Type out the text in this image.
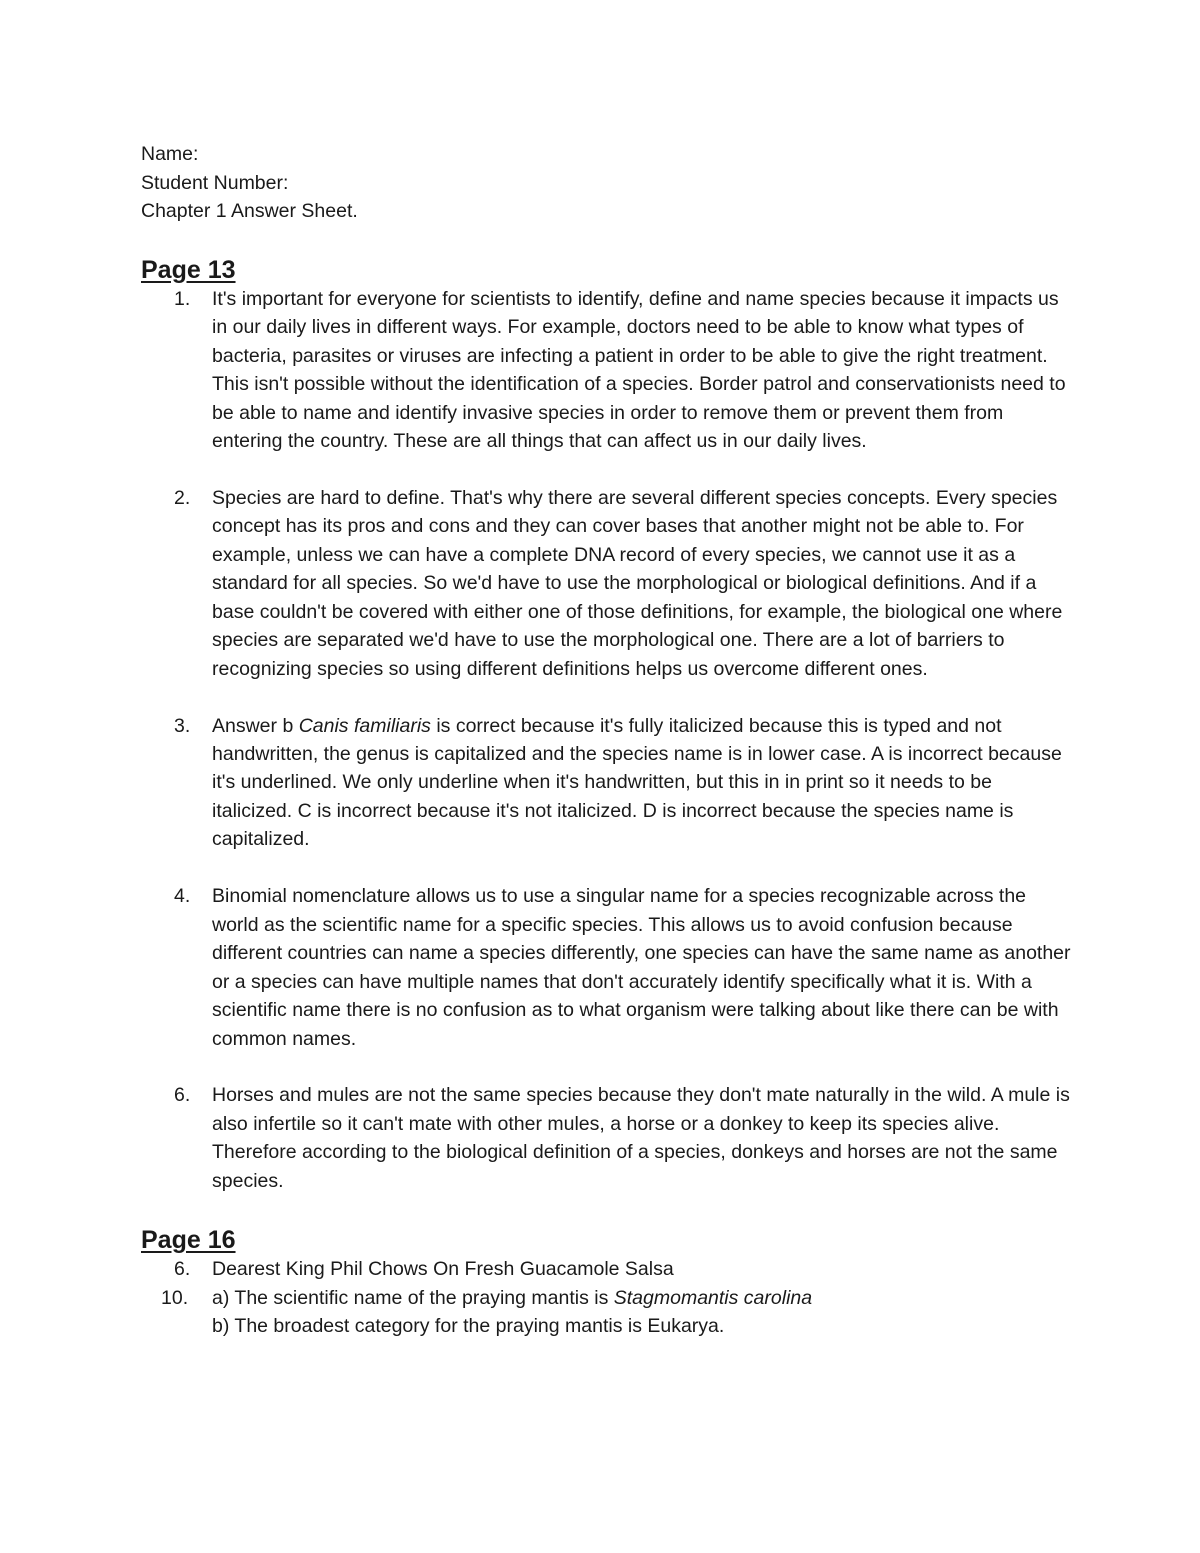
Name:
Student Number:
Chapter 1 Answer Sheet.
Page 13
1.	It's important for everyone for scientists to identify, define and name species because it impacts us in our daily lives in different ways. For example, doctors need to be able to know what types of bacteria, parasites or viruses are infecting a patient in order to be able to give the right treatment. This isn't possible without the identification of a species. Border patrol and conservationists need to be able to name and identify invasive species in order to remove them or prevent them from entering the country. These are all things that can affect us in our daily lives.
2.	Species are hard to define. That's why there are several different species concepts. Every species concept has its pros and cons and they can cover bases that another might not be able to. For example, unless we can have a complete DNA record of every species, we cannot use it as a standard for all species. So we'd have to use the morphological or biological definitions. And if a base couldn't be covered with either one of those definitions, for example, the biological one where species are separated we'd have to use the morphological one. There are a lot of barriers to recognizing species so using different definitions helps us overcome different ones.
3.	Answer b Canis familiaris is correct because it's fully italicized because this is typed and not handwritten, the genus is capitalized and the species name is in lower case. A is incorrect because it's underlined. We only underline when it's handwritten, but this in in print so it needs to be italicized. C is incorrect because it's not italicized. D is incorrect because the species name is capitalized.
4.	Binomial nomenclature allows us to use a singular name for a species recognizable across the world as the scientific name for a specific species. This allows us to avoid confusion because different countries can name a species differently, one species can have the same name as another or a species can have multiple names that don't accurately identify specifically what it is. With a scientific name there is no confusion as to what organism were talking about like there can be with common names.
6.	Horses and mules are not the same species because they don't mate naturally in the wild. A mule is also infertile so it can't mate with other mules, a horse or a donkey to keep its species alive. Therefore according to the biological definition of a species, donkeys and horses are not the same species.
Page 16
6.	Dearest King Phil Chows On Fresh Guacamole Salsa
10. a) The scientific name of the praying mantis is Stagmomantis carolina
b) The broadest category for the praying mantis is Eukarya.
